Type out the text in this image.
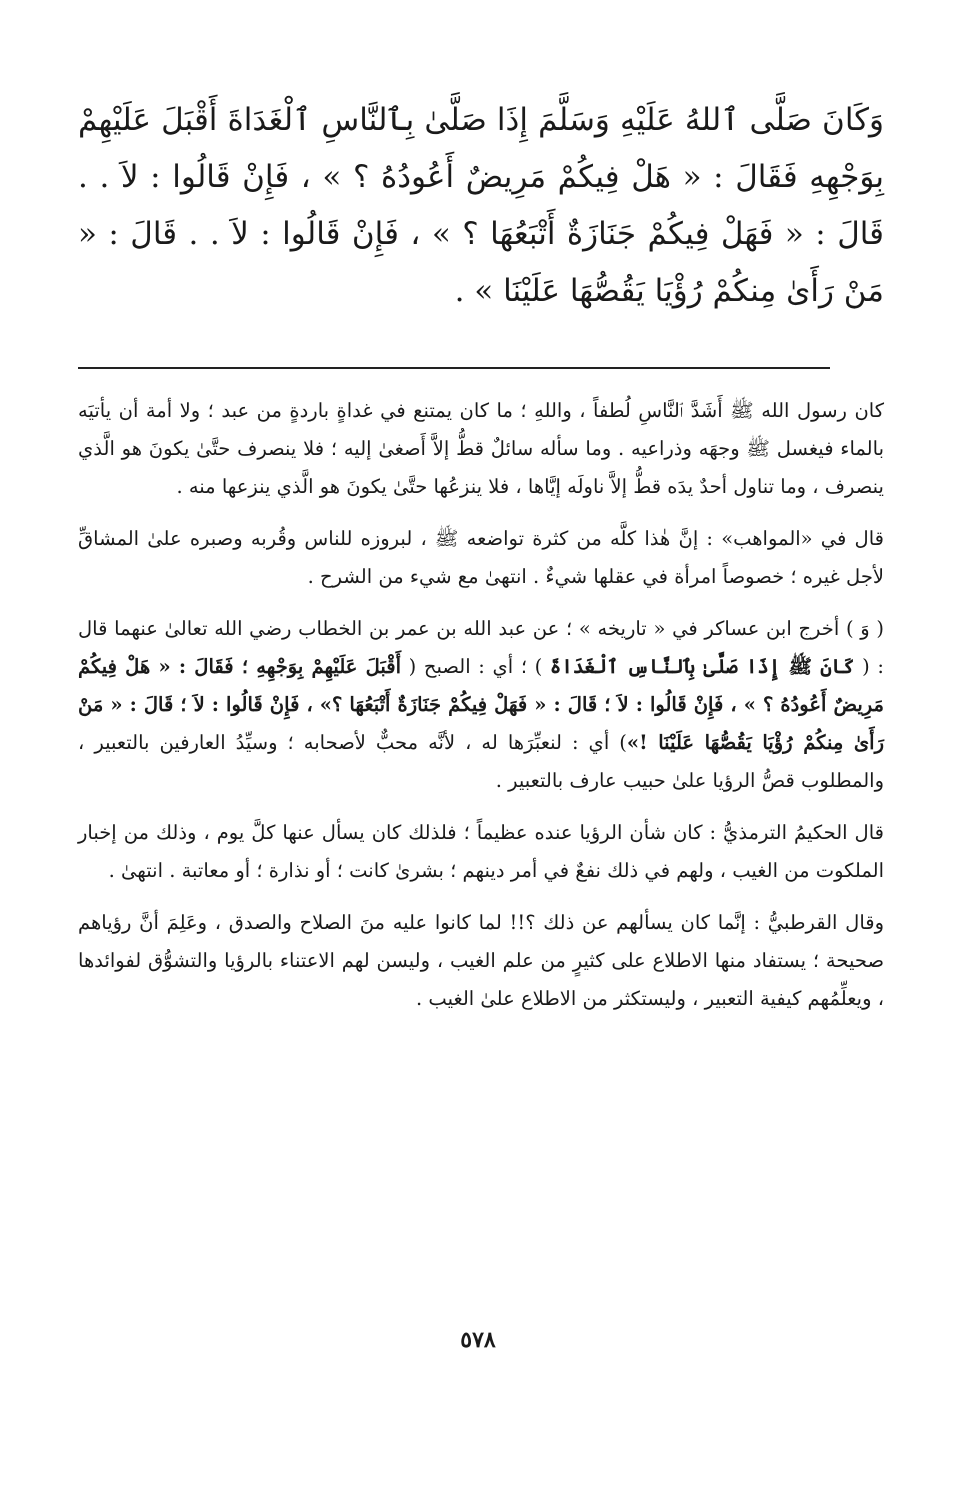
وَكَانَ صَلَّى ٱللهُ عَلَيْهِ وَسَلَّمَ إِذَا صَلَّىٰ بِٱلنَّاسِ ٱلْغَدَاةَ أَقْبَلَ عَلَيْهِمْ بِوَجْهِهِ فَقَالَ : « هَلْ فِيكُمْ مَرِيضٌ أَعُودُهُ ؟ » ، فَإِنْ قَالُوا : لاَ . . قَالَ : « فَهَلْ فِيكُمْ جَنَازَةٌ أَتْبَعُهَا ؟ » ، فَإِنْ قَالُوا : لاَ . . قَالَ : « مَنْ رَأَىٰ مِنكُمْ رُؤْيَا يَقُصُّهَا عَلَيْنَا » .

كان رسول الله ﷺ أَشَدَّ ٱلنَّاسِ لُطفاً ، واللهِ ؛ ما كان يمتنع في غداةٍ باردةٍ من عبد ؛ ولا أمة أن يأتيَه بالماء فيغسل ﷺ وجهَه وذراعيه . وما سأله سائلٌ قطُّ إلاَّ أَصغىٰ إليه ؛ فلا ينصرف حتَّىٰ يكونَ هو الَّذي ينصرف ، وما تناول أحدٌ يدَه قطُّ إلاَّ ناولَه إيَّاها ، فلا ينزعُها حتَّىٰ يكونَ هو الَّذي ينزعها منه .

قال في «المواهب» : إنَّ هٰذا كلَّه من كثرة تواضعه ﷺ ، لبروزه للناس وقُربه وصبره علىٰ المشاقِّ لأجل غيره ؛ خصوصاً امرأة في عقلها شيءٌ . انتهىٰ مع شيء من الشرح .

( وَ ) أخرج ابن عساكر في « تاريخه » ؛ عن عبد الله بن عمر بن الخطاب رضي الله تعالىٰ عنهما قال : ( كَانَ ﷺ إِذَا صَلَّىٰ بِٱلنَّاسِ ٱلْغَدَاةَ ) ؛ أي : الصبح ( أَقْبَلَ عَلَيْهِمْ بِوَجْهِهِ ؛ فَقَالَ : « هَلْ فِيكُمْ مَرِيضٌ أَعُودُهُ ؟ » ، فَإِنْ قَالُوا : لاَ ؛ قَالَ : « فَهَلْ فِيكُمْ جَنَازَةٌ أَتْبَعُهَا ؟» ، فَإِنْ قَالُوا : لاَ ؛ قَالَ : « مَنْ رَأَىٰ مِنكُمْ رُؤْيَا يَقُصُّهَا عَلَيْنَا !») أي : لنعبِّرَها له ، لأنَّه محبٌّ لأصحابه ؛ وسيِّدُ العارفين بالتعبير ، والمطلوب قصُّ الرؤيا علىٰ حبيب عارف بالتعبير .

قال الحكيمُ الترمذيُّ : كان شأن الرؤيا عنده عظيماً ؛ فلذلك كان يسأل عنها كلَّ يوم ، وذلك من إخبار الملكوت من الغيب ، ولهم في ذلك نفعٌ في أمر دينهم ؛ بشرىٰ كانت ؛ أو نذارة ؛ أو معاتبة . انتهىٰ .

وقال القرطبيُّ : إنَّما كان يسألهم عن ذلك ؟!! لما كانوا عليه منَ الصلاح والصدق ، وعَلِمَ أنَّ رؤياهم صحيحة ؛ يستفاد منها الاطلاع على كثيرٍ من علم الغيب ، وليسن لهم الاعتناء بالرؤيا والتشوُّق لفوائدها ، ويعلِّمُهم كيفية التعبير ، وليستكثر من الاطلاع علىٰ الغيب .

٥٧٨
